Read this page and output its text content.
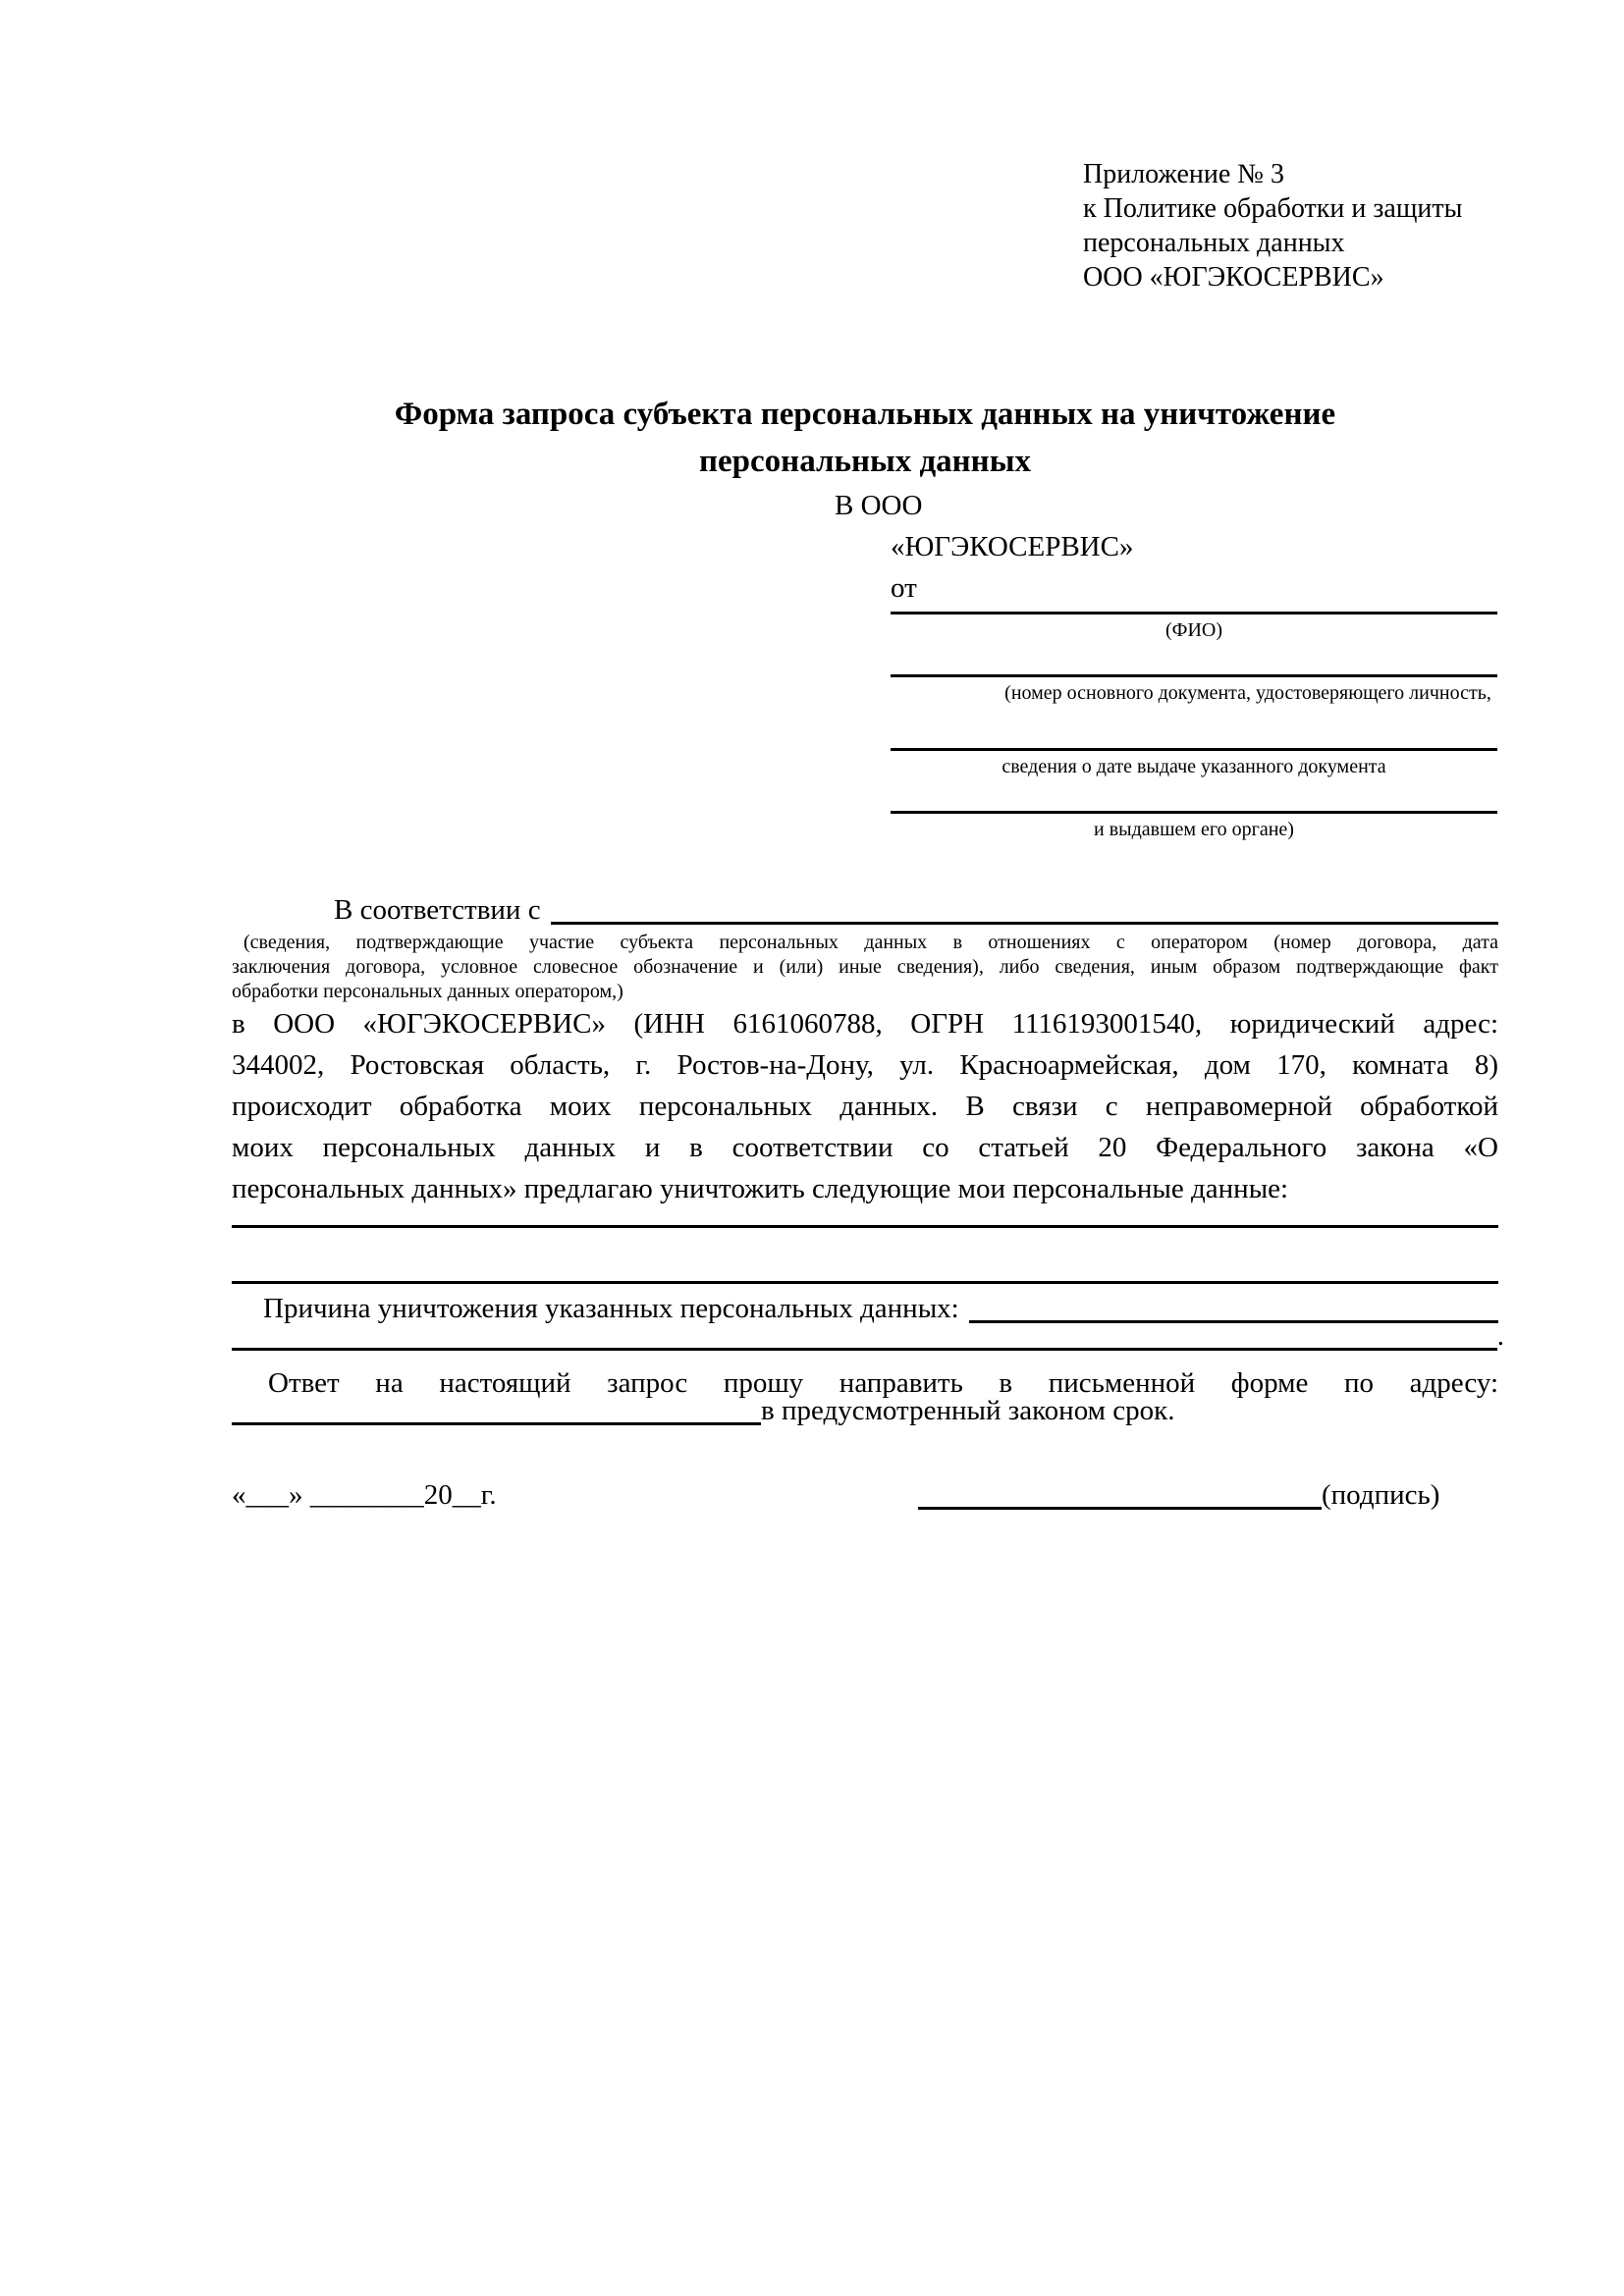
Приложение № 3
к Политике обработки и защиты
персональных данных
ООО «ЮГЭКОСЕРВИС»
Форма запроса субъекта персональных данных на уничтожение
персональных данных
В ООО
«ЮГЭКОСЕРВИС»
от
(ФИО)
(номер основного документа, удостоверяющего личность,
сведения о дате выдаче указанного документа
и выдавшем его органе)
В соответствии с
(сведения, подтверждающие участие субъекта персональных данных в отношениях с оператором (номер договора, дата
заключения договора, условное словесное обозначение и (или) иные сведения), либо сведения, иным образом подтверждающие факт
обработки персональных данных оператором,)
в ООО «ЮГЭКОСЕРВИС» (ИНН 6161060788, ОГРН 1116193001540, юридический адрес:
344002, Ростовская область, г. Ростов-на-Дону, ул. Красноармейская, дом 170, комната 8)
происходит обработка моих персональных данных. В связи с неправомерной обработкой
моих персональных данных и в соответствии со статьей 20 Федерального закона «О
персональных данных» предлагаю уничтожить следующие мои персональные данные:
Причина уничтожения указанных персональных данных:
.
Ответ на настоящий запрос прошу направить в письменной форме по адресу:
в предусмотренный законом срок.
«___» ________20__г.	(подпись)
